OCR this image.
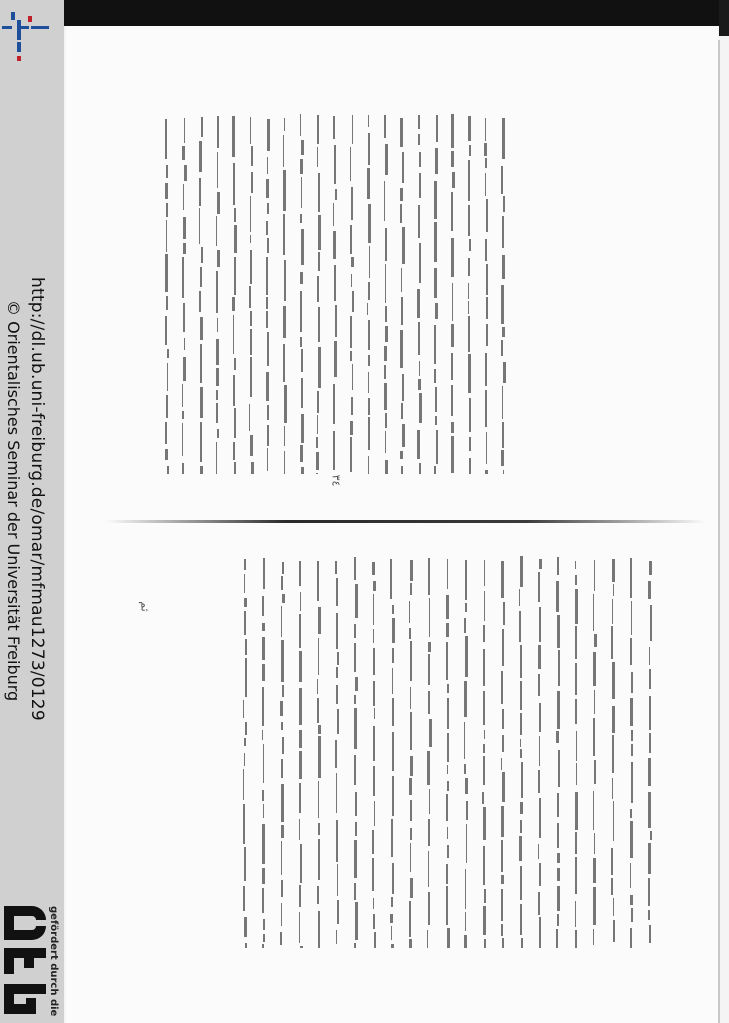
http://dl.ub.uni-freiburg.de/omar/mfmau1273/0129
© Orientalisches Seminar der Universität Freiburg
gefördert durch die
٣٤
ثم
